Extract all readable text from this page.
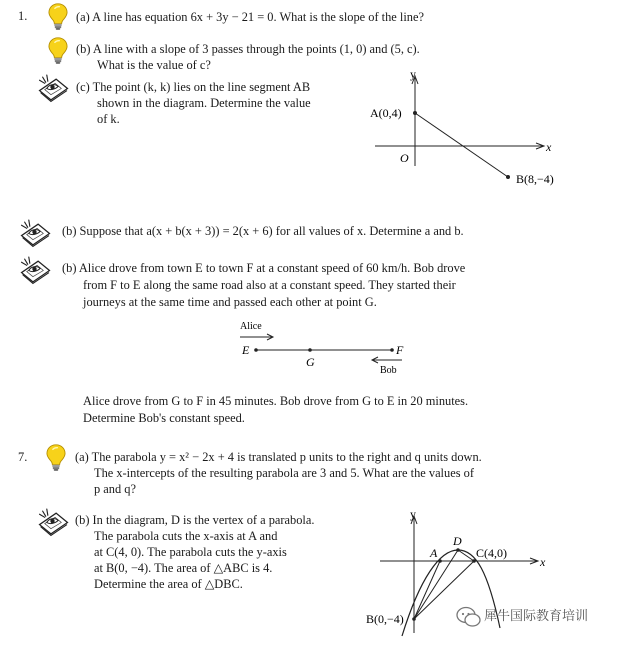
1.	(a) A line has equation 6x + 3y − 21 = 0. What is the slope of the line?
(b) A line with a slope of 3 passes through the points (1, 0) and (5, c).
What is the value of c?
(c) The point (k, k) lies on the line segment AB
shown in the diagram. Determine the value
of k.
y
x
O
A(0,4)
B(8,−4)
(b) Suppose that a(x + b(x + 3)) = 2(x + 6) for all values of x. Determine a and b.
(b) Alice drove from town E to town F at a constant speed of 60 km/h. Bob drove
from F to E along the same road also at a constant speed. They started their
journeys at the same time and passed each other at point G.
Alice
E
G
F
Bob
Alice drove from G to F in 45 minutes. Bob drove from G to E in 20 minutes.
Determine Bob's constant speed.
7.	(a) The parabola y = x² − 2x + 4 is translated p units to the right and q units down.
The x-intercepts of the resulting parabola are 3 and 5. What are the values of
p and q?
(b) In the diagram, D is the vertex of a parabola.
The parabola cuts the x-axis at A and
at C(4, 0). The parabola cuts the y-axis
at B(0, −4). The area of △ABC is 4.
Determine the area of △DBC.
y
x
A
D
C(4,0)
B(0,−4)	犀牛国际教育培训
